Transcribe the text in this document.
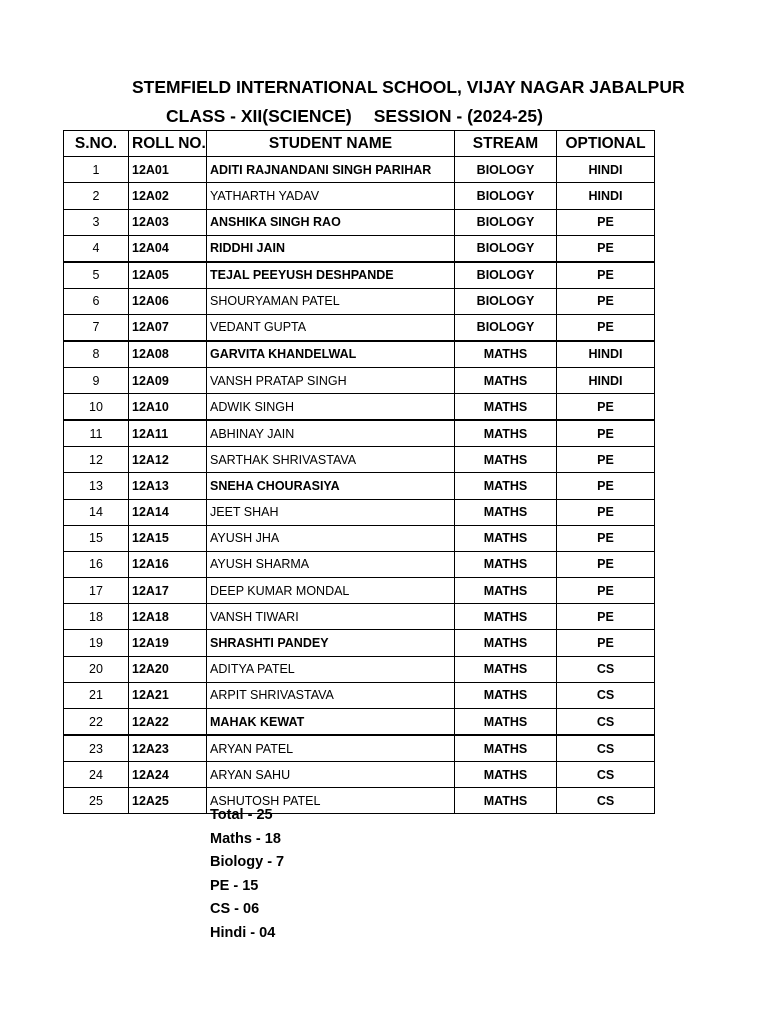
STEMFIELD INTERNATIONAL SCHOOL, VIJAY NAGAR JABALPUR
CLASS - XII(SCIENCE) SESSION - (2024-25)
S.NO.	ROLL NO.	STUDENT NAME	STREAM	OPTIONAL
1	12A01	ADITI RAJNANDANI SINGH PARIHAR	BIOLOGY	HINDI
2	12A02	YATHARTH YADAV	BIOLOGY	HINDI
3	12A03	ANSHIKA SINGH RAO	BIOLOGY	PE
4	12A04	RIDDHI JAIN	BIOLOGY	PE
5	12A05	TEJAL PEEYUSH DESHPANDE	BIOLOGY	PE
6	12A06	SHOURYAMAN PATEL	BIOLOGY	PE
7	12A07	VEDANT GUPTA	BIOLOGY	PE
8	12A08	GARVITA KHANDELWAL	MATHS	HINDI
9	12A09	VANSH PRATAP SINGH	MATHS	HINDI
10	12A10	ADWIK SINGH	MATHS	PE
11	12A11	ABHINAY JAIN	MATHS	PE
12	12A12	SARTHAK SHRIVASTAVA	MATHS	PE
13	12A13	SNEHA CHOURASIYA	MATHS	PE
14	12A14	JEET SHAH	MATHS	PE
15	12A15	AYUSH JHA	MATHS	PE
16	12A16	AYUSH SHARMA	MATHS	PE
17	12A17	DEEP KUMAR MONDAL	MATHS	PE
18	12A18	VANSH TIWARI	MATHS	PE
19	12A19	SHRASHTI PANDEY	MATHS	PE
20	12A20	ADITYA PATEL	MATHS	CS
21	12A21	ARPIT SHRIVASTAVA	MATHS	CS
22	12A22	MAHAK KEWAT	MATHS	CS
23	12A23	ARYAN PATEL	MATHS	CS
24	12A24	ARYAN SAHU	MATHS	CS
25	12A25	ASHUTOSH PATEL	MATHS	CS
Total - 25
Maths - 18
Biology - 7
PE - 15
CS - 06
Hindi - 04
